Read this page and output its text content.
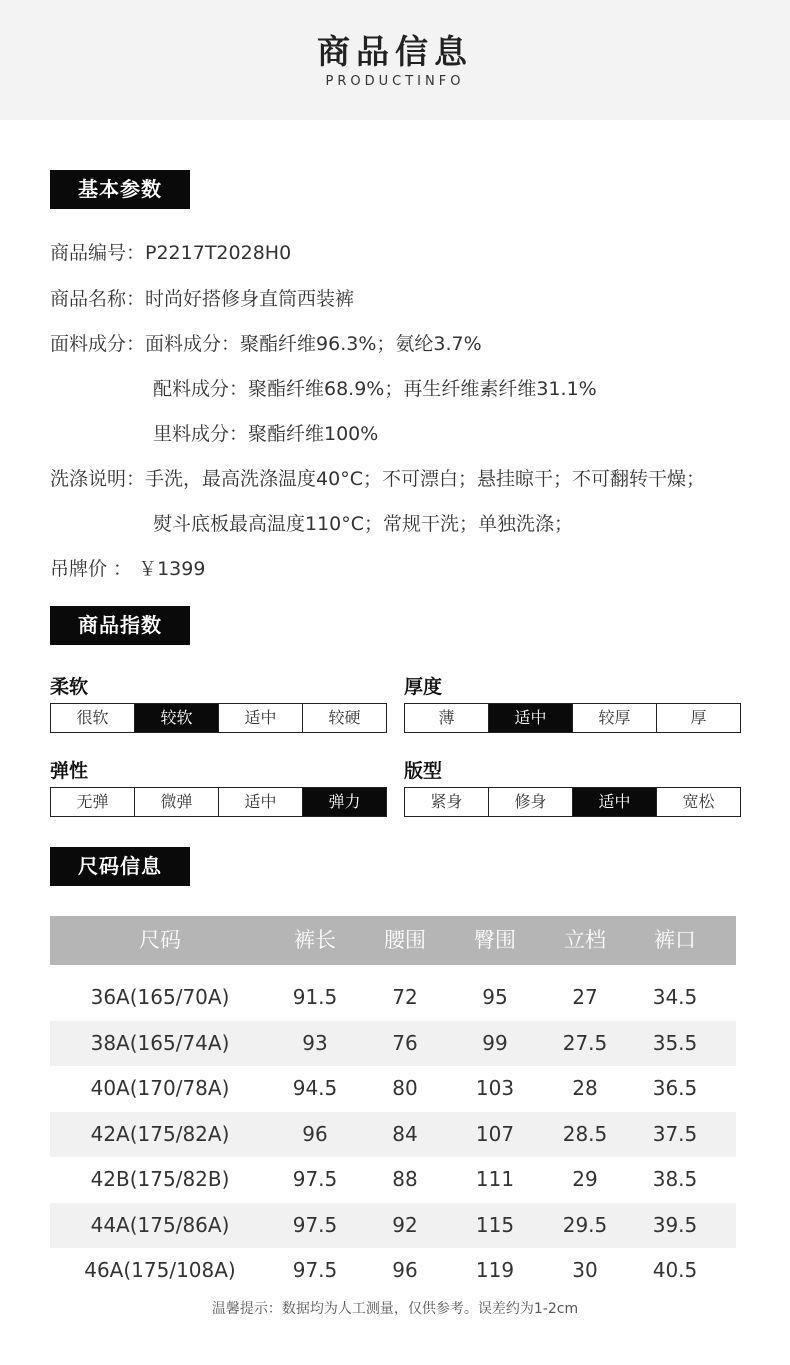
商品信息
PRODUCTINFO
基本参数
商品编号：P2217T2028H0
商品名称：时尚好搭修身直筒西装裤
面料成分：面料成分：聚酯纤维96.3%；氨纶3.7%
配料成分：聚酯纤维68.9%；再生纤维素纤维31.1%
里料成分：聚酯纤维100%
洗涤说明：手洗，最高洗涤温度40°C；不可漂白；悬挂晾干；不可翻转干燥；
熨斗底板最高温度110°C；常规干洗；单独洗涤；
吊牌价 ： ￥1399
商品指数
柔软
很软	较软	适中	较硬
厚度
薄	适中	较厚	厚
弹性
无弹	微弹	适中	弹力
版型
紧身	修身	适中	宽松
尺码信息
尺码	裤长	腰围	臀围	立档	裤口
36A(165/70A)	91.5	72	95	27	34.5
38A(165/74A)	93	76	99	27.5	35.5
40A(170/78A)	94.5	80	103	28	36.5
42A(175/82A)	96	84	107	28.5	37.5
42B(175/82B)	97.5	88	111	29	38.5
44A(175/86A)	97.5	92	115	29.5	39.5
46A(175/108A)	97.5	96	119	30	40.5
温馨提示：数据均为人工测量，仅供参考。误差约为1-2cm
